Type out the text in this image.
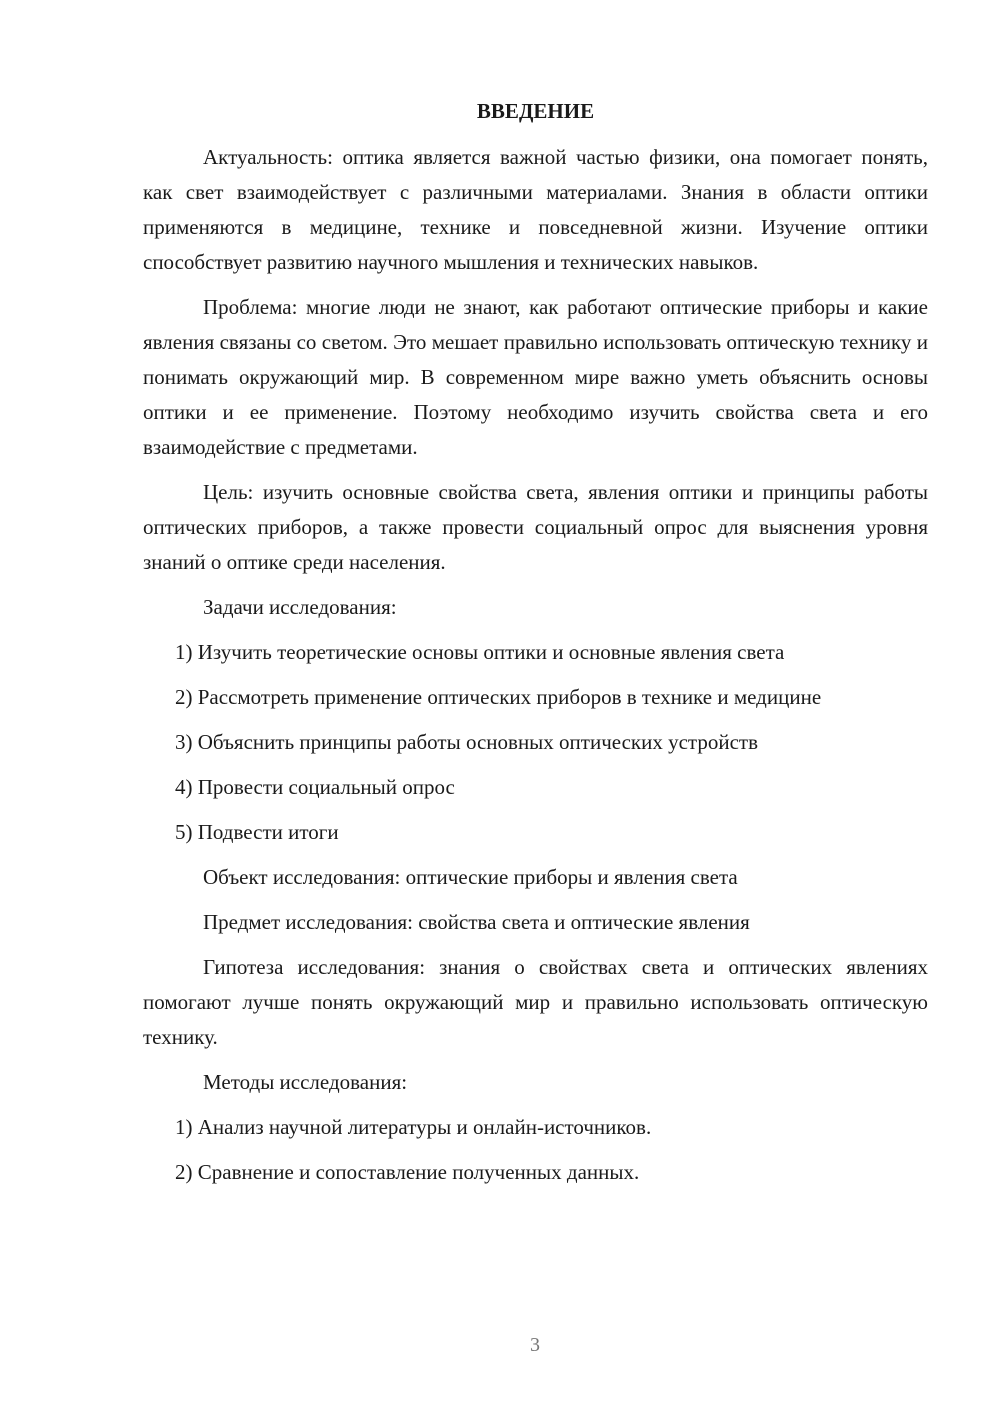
ВВЕДЕНИЕ

Актуальность: оптика является важной частью физики, она помогает понять, как свет взаимодействует с различными материалами. Знания в области оптики применяются в медицине, технике и повседневной жизни. Изучение оптики способствует развитию научного мышления и технических навыков.

Проблема: многие люди не знают, как работают оптические приборы и какие явления связаны со светом. Это мешает правильно использовать оптическую технику и понимать окружающий мир. В современном мире важно уметь объяснить основы оптики и ее применение. Поэтому необходимо изучить свойства света и его взаимодействие с предметами.

Цель: изучить основные свойства света, явления оптики и принципы работы оптических приборов, а также провести социальный опрос для выяснения уровня знаний о оптике среди населения.

Задачи исследования:

1) Изучить теоретические основы оптики и основные явления света

2) Рассмотреть применение оптических приборов в технике и медицине

3) Объяснить принципы работы основных оптических устройств

4) Провести социальный опрос

5) Подвести итоги

Объект исследования: оптические приборы и явления света

Предмет исследования: свойства света и оптические явления

Гипотеза исследования: знания о свойствах света и оптических явлениях помогают лучше понять окружающий мир и правильно использовать оптическую технику.

Методы исследования:

1) Анализ научной литературы и онлайн-источников.

2) Сравнение и сопоставление полученных данных.

3
